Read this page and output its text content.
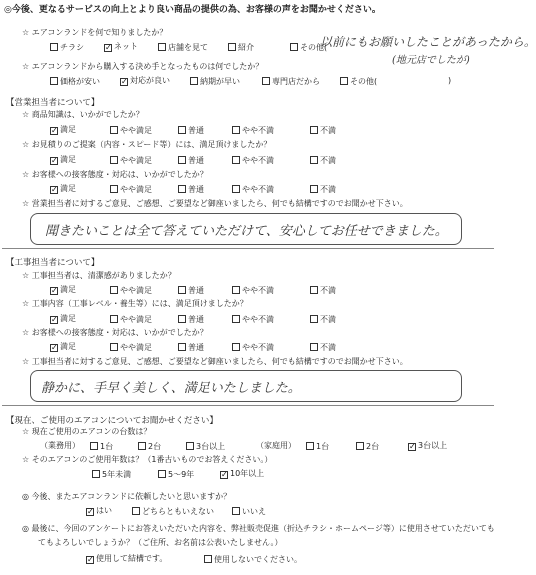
◎今後、更なるサービスの向上とより良い商品の提供の為、お客様の声をお聞かせください。
☆ エアコンランドを何で知りましたか？
チラシ	✓ ネット	店舗を見て	紹介	その他(
以前にもお願いしたことがあったから。
(地元店でしたが)
☆ エアコンランドから購入する決め手となったものは何でしたか？
価格が安い	✓ 対応が良い	納期が早い	専門店だから	その他(	)
【営業担当者について】
☆ 商品知識は、いかがでしたか？
✓ 満足	やや満足	普通	やや不満	不満
☆ お見積りのご提案（内容・スピード等）には、満足頂けましたか？
✓ 満足	やや満足	普通	やや不満	不満
☆ お客様への接客態度・対応は、いかがでしたか？
✓ 満足	やや満足	普通	やや不満	不満
☆ 営業担当者に対するご意見、ご感想、ご要望など御座いましたら、何でも結構ですのでお聞かせ下さい。
聞きたいことは全て答えていただけて、安心してお任せできました。
【工事担当者について】
☆ 工事担当者は、清潔感がありましたか？
✓ 満足	やや満足	普通	やや不満	不満
☆ 工事内容（工事レベル・養生等）には、満足頂けましたか？
✓ 満足	やや満足	普通	やや不満	不満
☆ お客様への接客態度・対応は、いかがでしたか？
✓ 満足	やや満足	普通	やや不満	不満
☆ 工事担当者に対するご意見、ご感想、ご要望など御座いましたら、何でも結構ですのでお聞かせ下さい。
静かに、手早く美しく、満足いたしました。
【現在、ご使用のエアコンについてお聞かせください】
☆ 現在ご使用のエアコンの台数は？
（業務用）	1台	2台	3台以上	（家庭用）	1台	2台	✓ 3台以上
☆ そのエアコンのご使用年数は？（1番古いものでお答えください。）
5年未満	5〜9年	✓ 10年以上
◎ 今後、またエアコンランドに依頼したいと思いますか？
✓ はい	どちらともいえない	いいえ
◎ 最後に、今回のアンケートにお答えいただいた内容を、弊社販売促進（折込チラシ・ホームページ等）に使用させていただいても
てもよろしいでしょうか？（ご住所、お名前は公表いたしません。）
✓ 使用して結構です。	使用しないでください。
